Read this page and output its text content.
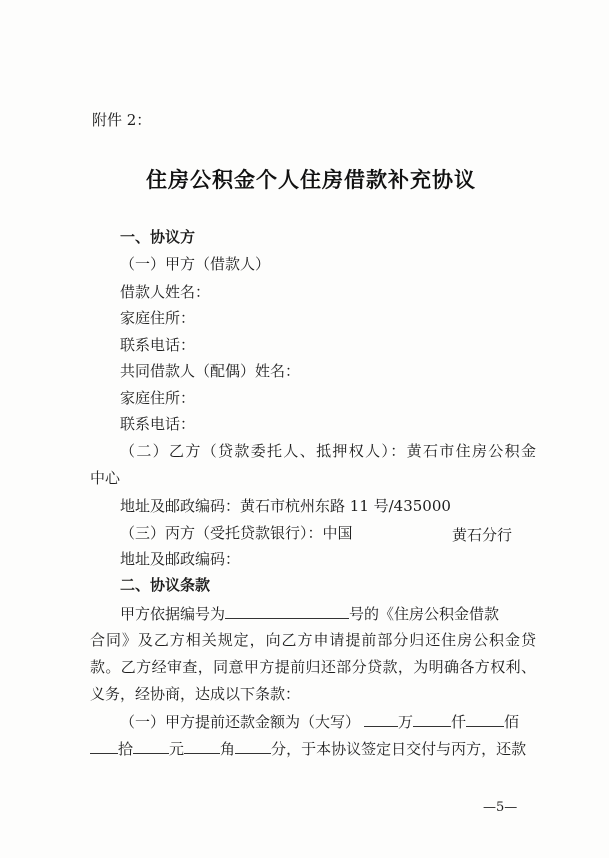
附件 2：
住房公积金个人住房借款补充协议
一、协议方
（一）甲方（借款人）
借款人姓名：
家庭住所：
联系电话：
共同借款人（配偶）姓名：
家庭住所：
联系电话：
（二）乙方（贷款委托人、抵押权人）：黄石市住房公积金
中心
地址及邮政编码：黄石市杭州东路 11 号/435000
（三）丙方（受托贷款银行）：中国	黄石分行
地址及邮政编码：
二、协议条款
甲方依据编号为	号的《住房公积金借款
合同》及乙方相关规定，向乙方申请提前部分归还住房公积金贷
款。乙方经审查，同意甲方提前归还部分贷款，为明确各方权利、
义务，经协商，达成以下条款：
（一）甲方提前还款金额为（大写）	万	仟	佰
拾 元 角 分，于本协议签定日交付与丙方，还款
—5—
